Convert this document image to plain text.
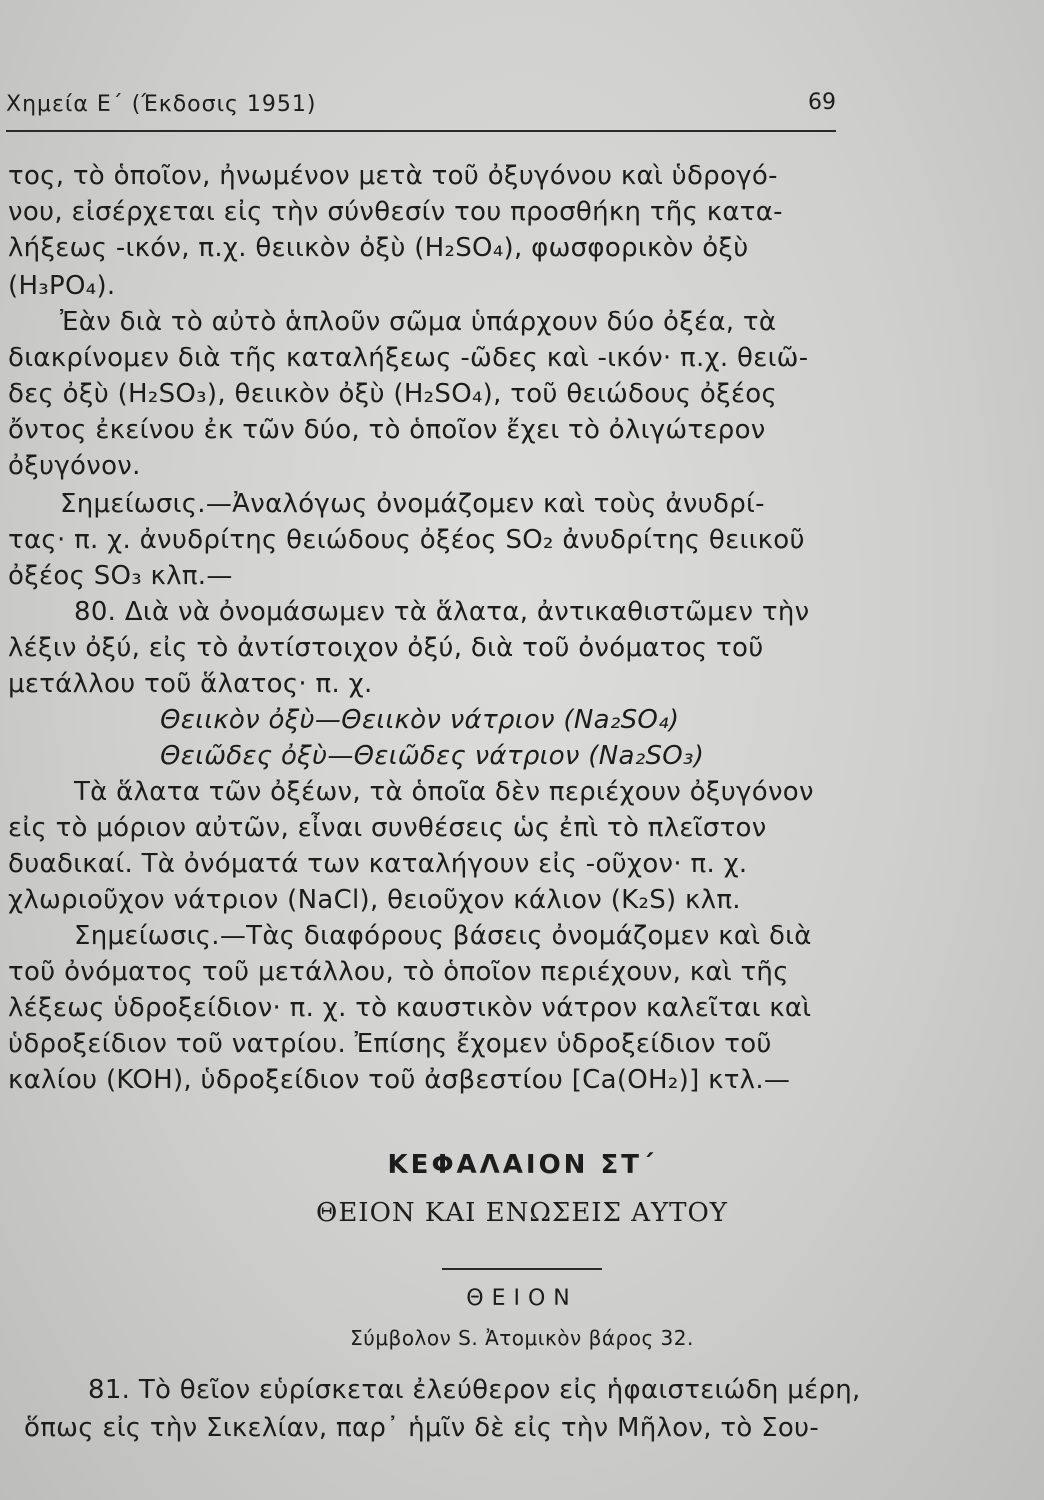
Χημεία Ε΄ (Έκδοσις 1951)	69
τος, τὸ ὁποῖον, ἠνωμένον μετὰ τοῦ ὀξυγόνου καὶ ὑδρογό-
νου, εἰσέρχεται εἰς τὴν σύνθεσίν του προσθήκη τῆς κατα-
λήξεως -ικόν, π.χ. θειικὸν ὀξὺ (H₂SO₄), φωσφορικὸν ὀξὺ
(H₃PO₄).
Ἐὰν διὰ τὸ αὐτὸ ἁπλοῦν σῶμα ὑπάρχουν δύο ὀξέα, τὰ
διακρίνομεν διὰ τῆς καταλήξεως -ῶδες καὶ -ικόν· π.χ. θειῶ-
δες ὀξὺ (H₂SO₃), θειικὸν ὀξὺ (H₂SO₄), τοῦ θειώδους ὀξέος
ὄντος ἐκείνου ἐκ τῶν δύο, τὸ ὁποῖον ἔχει τὸ ὀλιγώτερον
ὀξυγόνον.
Σημείωσις.—Ἀναλόγως ὀνομάζομεν καὶ τοὺς ἀνυδρί-
τας· π. χ. ἀνυδρίτης θειώδους ὀξέος SO₂ ἀνυδρίτης θειικοῦ
ὀξέος SO₃ κλπ.—
80. Διὰ νὰ ὀνομάσωμεν τὰ ἅλατα, ἀντικαθιστῶμεν τὴν
λέξιν ὀξύ, εἰς τὸ ἀντίστοιχον ὀξύ, διὰ τοῦ ὀνόματος τοῦ
μετάλλου τοῦ ἅλατος· π. χ.
Θειικὸν ὀξὺ—Θειικὸν νάτριον (Na₂SO₄)
Θειῶδες ὀξὺ—Θειῶδες νάτριον (Na₂SO₃)
Τὰ ἅλατα τῶν ὀξέων, τὰ ὁποῖα δὲν περιέχουν ὀξυγόνον
εἰς τὸ μόριον αὐτῶν, εἶναι συνθέσεις ὡς ἐπὶ τὸ πλεῖστον
δυαδικαί. Τὰ ὀνόματά των καταλήγουν εἰς -οῦχον· π. χ.
χλωριοῦχον νάτριον (NaCl), θειοῦχον κάλιον (K₂S) κλπ.
Σημείωσις.—Τὰς διαφόρους βάσεις ὀνομάζομεν καὶ διὰ
τοῦ ὀνόματος τοῦ μετάλλου, τὸ ὁποῖον περιέχουν, καὶ τῆς
λέξεως ὑδροξείδιον· π. χ. τὸ καυστικὸν νάτρον καλεῖται καὶ
ὑδροξείδιον τοῦ νατρίου. Ἐπίσης ἔχομεν ὑδροξείδιον τοῦ
καλίου (KOH), ὑδροξείδιον τοῦ ἀσβεστίου [Ca(OH₂)] κτλ.—
ΚΕΦΑΛΑΙΟΝ ΣΤ΄
ΘΕΙΟΝ ΚΑΙ ΕΝΩΣΕΙΣ ΑΥΤΟΥ
ΘΕΙΟΝ
Σύμβολον S. Ἀτομικὸν βάρος 32.
81. Τὸ θεῖον εὑρίσκεται ἐλεύθερον εἰς ἡφαιστειώδη μέρη,
ὅπως εἰς τὴν Σικελίαν, παρ᾽ ἡμῖν δὲ εἰς τὴν Μῆλον, τὸ Σου-
